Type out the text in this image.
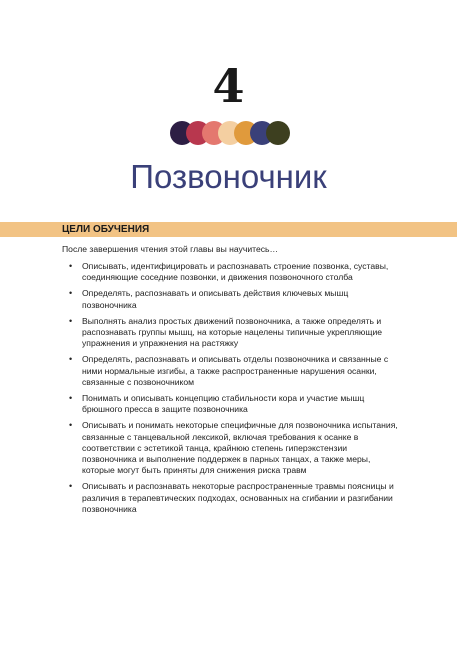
4
Позвоночник
ЦЕЛИ ОБУЧЕНИЯ
После завершения чтения этой главы вы научитесь…
• Описывать, идентифицировать и распознавать строение позвонка, суставы, соединяющие соседние позвонки, и движения позвоночного столба
• Определять, распознавать и описывать действия ключевых мышц позвоночника
• Выполнять анализ простых движений позвоночника, а также определять и распознавать группы мышц, на которые нацелены типичные укрепляющие упражнения и упражнения на растяжку
• Определять, распознавать и описывать отделы позвоночника и связанные с ними нормальные изгибы, а также распространенные нарушения осанки, связанные с позвоночником
• Понимать и описывать концепцию стабильности кора и участие мышц брюшного пресса в защите позвоночника
• Описывать и понимать некоторые специфичные для позвоночника испытания, связанные с танцевальной лексикой, включая требования к осанке в соответствии с эстетикой танца, крайнюю степень гиперэкстензии позвоночника и выполнение поддержек в парных танцах, а также меры, которые могут быть приняты для снижения риска травм
• Описывать и распознавать некоторые распространенные травмы поясницы и различия в терапевтических подходах, основанных на сгибании и разгибании позвоночника
